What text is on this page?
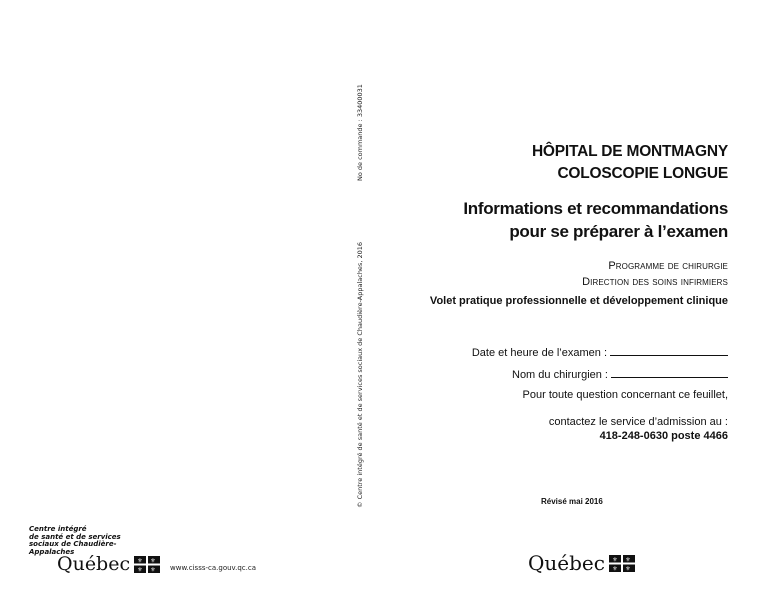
No de commande : 33400031
© Centre intégré de santé et de services sociaux de Chaudière-Appalaches, 2016
HÔPITAL DE MONTMAGNY
COLOSCOPIE LONGUE
Informations et recommandations
pour se préparer à l’examen
Programme de chirurgie
Direction des soins infirmiers
Volet pratique professionnelle et développement clinique
Date et heure de l’examen :
Nom du chirurgien :
Pour toute question concernant ce feuillet,
contactez le service d’admission au :
418-248-0630 poste 4466
Révisé mai 2016
Centre intégré
de santé et de services
sociaux de Chaudière-
Appalaches
Québec ⚜ ⚜
⚜ ⚜ www.cisss-ca.gouv.qc.ca	Québec ⚜ ⚜
⚜ ⚜
